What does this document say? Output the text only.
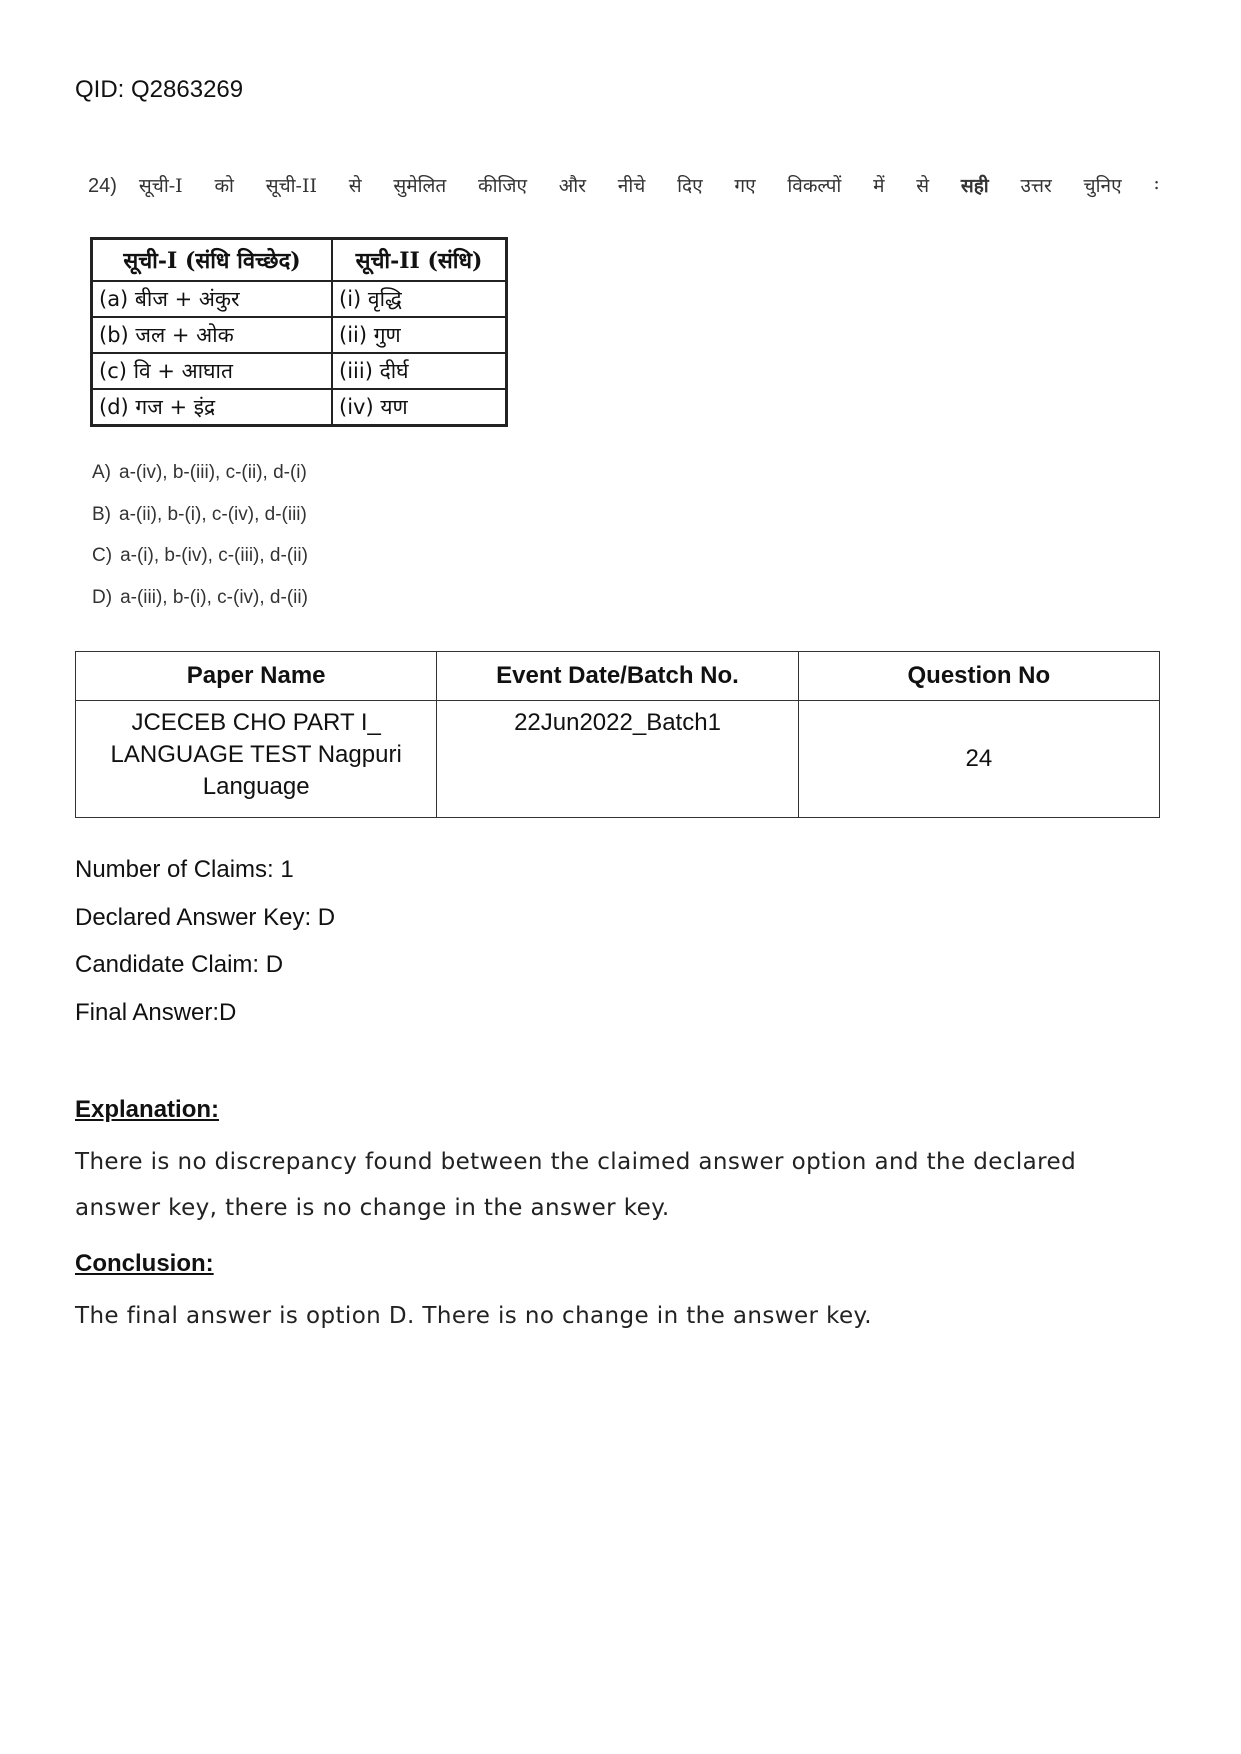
QID: Q2863269
24) सूची-I को सूची-II से सुमेलित कीजिए और नीचे दिए गए विकल्पों में से सही उत्तर चुनिए :
सूची-I (संधि विच्छेद)	सूची-II (संधि)
(a) बीज + अंकुर	(i) वृद्धि
(b) जल + ओक	(ii) गुण
(c) वि + आघात	(iii) दीर्घ
(d) गज + इंद्र	(iv) यण
A) a-(iv), b-(iii), c-(ii), d-(i)
B) a-(ii), b-(i), c-(iv), d-(iii)
C) a-(i), b-(iv), c-(iii), d-(ii)
D) a-(iii), b-(i), c-(iv), d-(ii)
Paper Name	Event Date/Batch No.	Question No
JCECEB CHO PART I_ LANGUAGE TEST Nagpuri Language	22Jun2022_Batch1	24
Number of Claims: 1
Declared Answer Key: D
Candidate Claim: D
Final Answer:D
Explanation:
There is no discrepancy found between the claimed answer option and the declared answer key, there is no change in the answer key.
Conclusion:
The final answer is option D. There is no change in the answer key.
